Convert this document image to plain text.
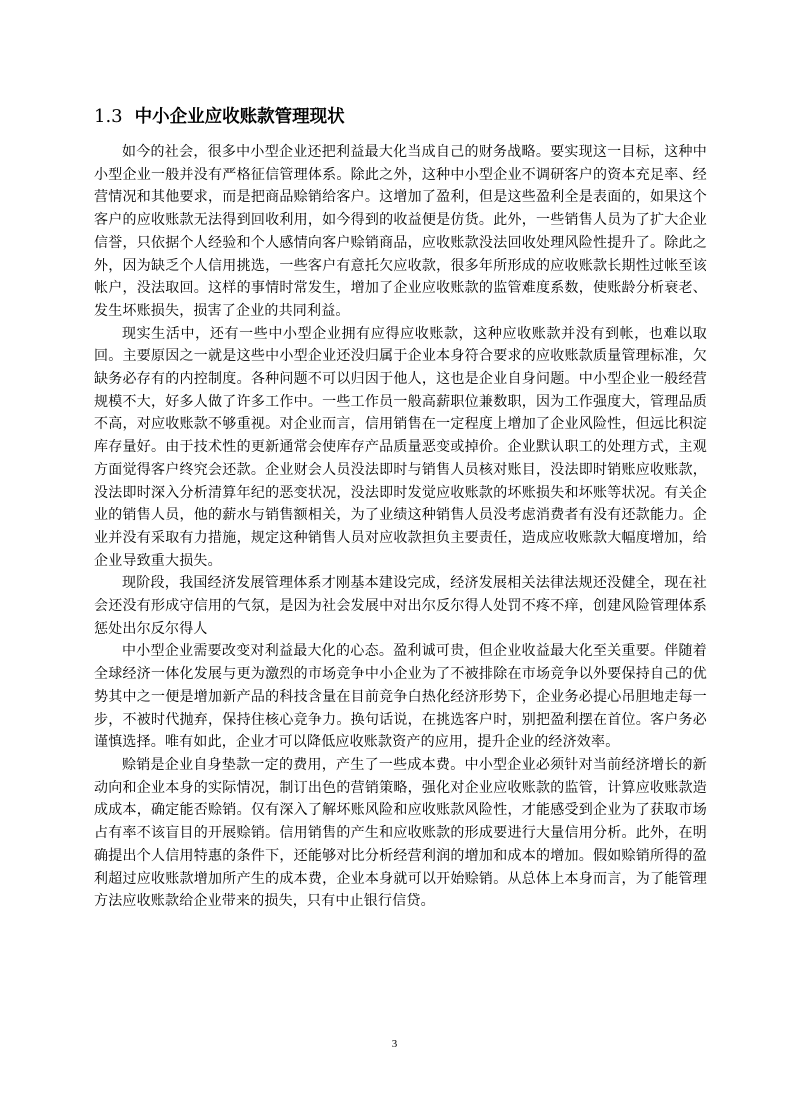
1.3 中小企业应收账款管理现状

如今的社会，很多中小型企业还把利益最大化当成自己的财务战略。要实现这一目标，这种中小型企业一般并没有严格征信管理体系。除此之外，这种中小型企业不调研客户的资本充足率、经营情况和其他要求，而是把商品赊销给客户。这增加了盈利，但是这些盈利全是表面的，如果这个客户的应收账款无法得到回收利用，如今得到的收益便是仿货。此外，一些销售人员为了扩大企业信誉，只依据个人经验和个人感情向客户赊销商品，应收账款没法回收处理风险性提升了。除此之外，因为缺乏个人信用挑选，一些客户有意托欠应收款，很多年所形成的应收账款长期性过帐至该帐户，没法取回。这样的事情时常发生，增加了企业应收账款的监管难度系数，使账龄分析衰老、发生坏账损失，损害了企业的共同利益。

现实生活中，还有一些中小型企业拥有应得应收账款，这种应收账款并没有到帐，也难以取回。主要原因之一就是这些中小型企业还没归属于企业本身符合要求的应收账款质量管理标准，欠缺务必存有的内控制度。各种问题不可以归因于他人，这也是企业自身问题。中小型企业一般经营规模不大，好多人做了许多工作中。一些工作员一般高薪职位兼数职，因为工作强度大，管理品质不高，对应收账款不够重视。对企业而言，信用销售在一定程度上增加了企业风险性，但远比积淀库存量好。由于技术性的更新通常会使库存产品质量恶变或掉价。企业默认职工的处理方式，主观方面觉得客户终究会还款。企业财会人员没法即时与销售人员核对账目，没法即时销账应收账款，没法即时深入分析清算年纪的恶变状况，没法即时发觉应收账款的坏账损失和坏账等状况。有关企业的销售人员，他的薪水与销售额相关，为了业绩这种销售人员没考虑消费者有没有还款能力。企业并没有采取有力措施，规定这种销售人员对应收款担负主要责任，造成应收账款大幅度增加，给企业导致重大损失。

现阶段，我国经济发展管理体系才刚基本建设完成，经济发展相关法律法规还没健全，现在社会还没有形成守信用的气氛，是因为社会发展中对出尔反尔得人处罚不疼不痒，创建风险管理体系惩处出尔反尔得人

中小型企业需要改变对利益最大化的心态。盈利诚可贵，但企业收益最大化至关重要。伴随着全球经济一体化发展与更为激烈的市场竞争中小企业为了不被排除在市场竞争以外要保持自己的优势其中之一便是增加新产品的科技含量在目前竞争白热化经济形势下，企业务必提心吊胆地走每一步，不被时代抛弃，保持住核心竞争力。换句话说，在挑选客户时，别把盈利摆在首位。客户务必谨慎选择。唯有如此，企业才可以降低应收账款资产的应用，提升企业的经济效率。

赊销是企业自身垫款一定的费用，产生了一些成本费。中小型企业必须针对当前经济增长的新动向和企业本身的实际情况，制订出色的营销策略，强化对企业应收账款的监管，计算应收账款造成成本，确定能否赊销。仅有深入了解坏账风险和应收账款风险性，才能感受到企业为了获取市场占有率不该盲目的开展赊销。信用销售的产生和应收账款的形成要进行大量信用分析。此外，在明确提出个人信用特惠的条件下，还能够对比分析经营利润的增加和成本的增加。假如赊销所得的盈利超过应收账款增加所产生的成本费，企业本身就可以开始赊销。从总体上本身而言，为了能管理方法应收账款给企业带来的损失，只有中止银行信贷。

3
